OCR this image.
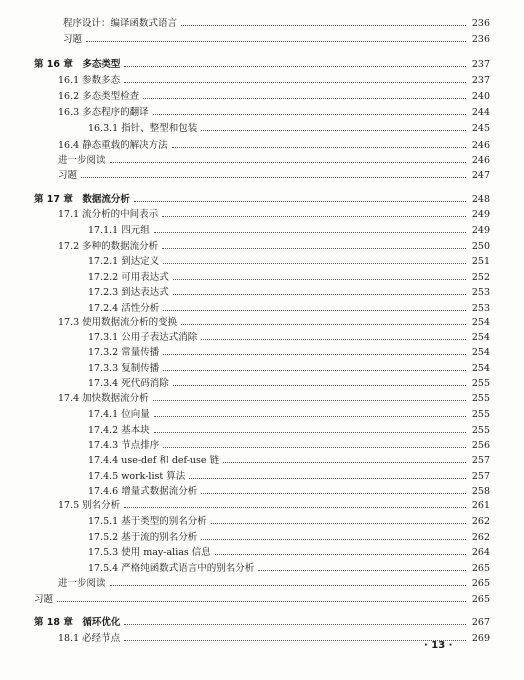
程序设计：编译函数式语言	236
习题	236
第 16 章　多态类型	237
16.1 参数多态	237
16.2 多态类型检查	240
16.3 多态程序的翻译	244
16.3.1 指针、整型和包装	245
16.4 静态重载的解决方法	246
进一步阅读	246
习题	247
第 17 章　数据流分析	248
17.1 流分析的中间表示	249
17.1.1 四元组	249
17.2 多种的数据流分析	250
17.2.1 到达定义	251
17.2.2 可用表达式	252
17.2.3 到达表达式	253
17.2.4 活性分析	253
17.3 使用数据流分析的变换	254
17.3.1 公用子表达式消除	254
17.3.2 常量传播	254
17.3.3 复制传播	254
17.3.4 死代码消除	255
17.4 加快数据流分析	255
17.4.1 位向量	255
17.4.2 基本块	255
17.4.3 节点排序	256
17.4.4 use-def 和 def-use 链	257
17.4.5 work-list 算法	257
17.4.6 增量式数据流分析	258
17.5 别名分析	261
17.5.1 基于类型的别名分析	262
17.5.2 基于流的别名分析	262
17.5.3 使用 may-alias 信息	264
17.5.4 严格纯函数式语言中的别名分析	265
进一步阅读	265
习题	265
第 18 章　循环优化	267
18.1 必经节点	269
· 13 ·
